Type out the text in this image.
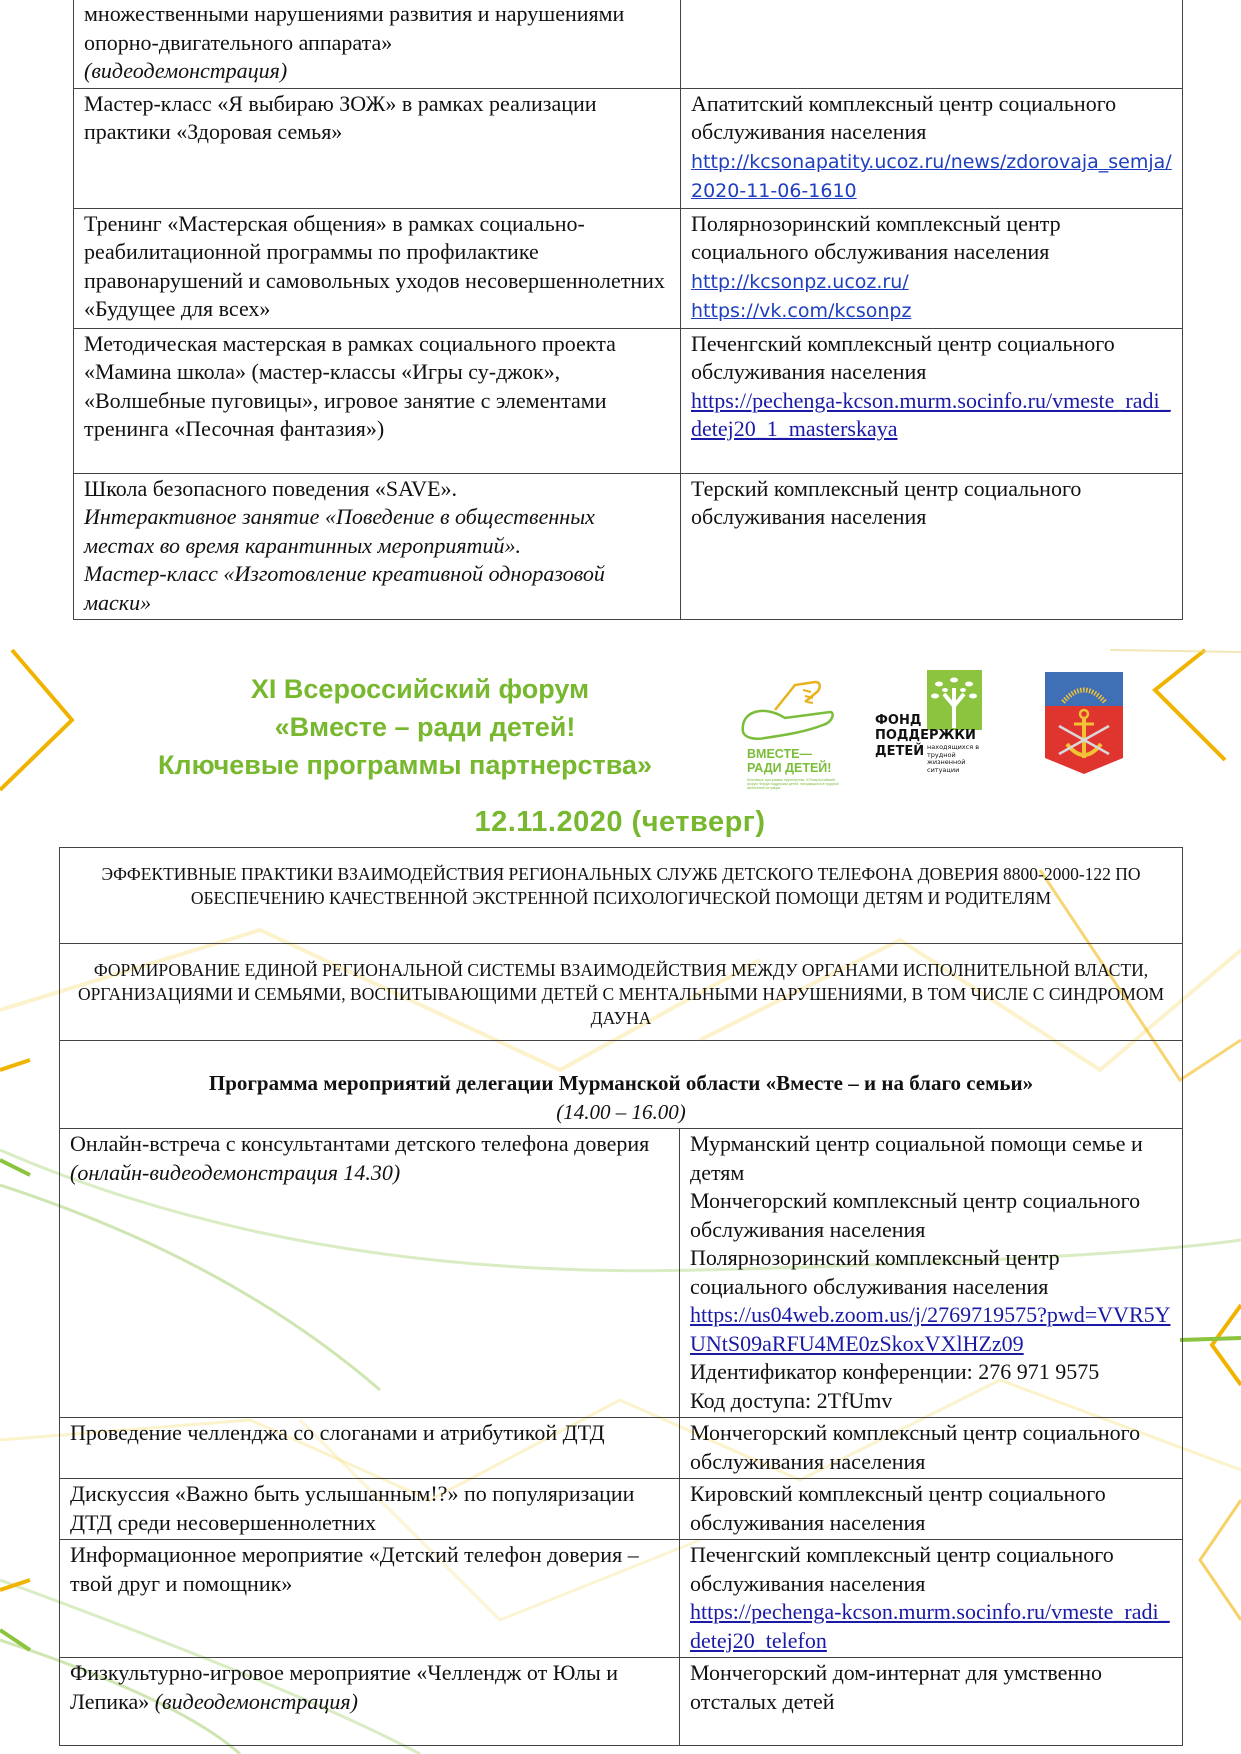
множественными нарушениями развития и нарушениями опорно-двигательного аппарата»
(видеодемонстрация)	
Мастер-класс «Я выбираю ЗОЖ» в рамках реализации практики «Здоровая семья»	Апатитский комплексный центр социального обслуживания населения
http://kcsonapatity.ucoz.ru/news/zdorovaja_semja/2020-11-06-1610
Тренинг «Мастерская общения» в рамках социально-реабилитационной программы по профилактике правонарушений и самовольных уходов несовершеннолетних «Будущее для всех»	Полярнозоринский комплексный центр социального обслуживания населения
http://kcsonpz.ucoz.ru/
https://vk.com/kcsonpz
Методическая мастерская в рамках социального проекта «Мамина школа» (мастер-классы «Игры су-джок», «Волшебные пуговицы», игровое занятие с элементами тренинга «Песочная фантазия»)	Печенгский комплексный центр социального обслуживания населения
https://pechenga-kcson.murm.socinfo.ru/vmeste_radi_detej20_1_masterskaya
Школа безопасного поведения «SAVE».
Интерактивное занятие «Поведение в общественных местах во время карантинных мероприятий».
Мастер-класс «Изготовление креативной одноразовой маски»	Терский комплексный центр социального обслуживания населения
XI Всероссийский форум
«Вместе – ради детей!
Ключевые программы партнерства»	ВМЕСТЕ—
РАДИ ДЕТЕЙ!
Ключевые программы партнерства. XI Всероссийский форум Фонда поддержки детей, находящихся в трудной жизненной ситуации
ФОНД
ПОДДЕРЖКИ
ДЕТЕЙ находящихся в трудной жизненной ситуации
12.11.2020 (четверг)
ЭФФЕКТИВНЫЕ ПРАКТИКИ ВЗАИМОДЕЙСТВИЯ РЕГИОНАЛЬНЫХ СЛУЖБ ДЕТСКОГО ТЕЛЕФОНА ДОВЕРИЯ 8800-2000-122 ПО ОБЕСПЕЧЕНИЮ КАЧЕСТВЕННОЙ ЭКСТРЕННОЙ ПСИХОЛОГИЧЕСКОЙ ПОМОЩИ ДЕТЯМ И РОДИТЕЛЯМ	
ФОРМИРОВАНИЕ ЕДИНОЙ РЕГИОНАЛЬНОЙ СИСТЕМЫ ВЗАИМОДЕЙСТВИЯ МЕЖДУ ОРГАНАМИ ИСПОЛНИТЕЛЬНОЙ ВЛАСТИ, ОРГАНИЗАЦИЯМИ И СЕМЬЯМИ, ВОСПИТЫВАЮЩИМИ ДЕТЕЙ С МЕНТАЛЬНЫМИ НАРУШЕНИЯМИ, В ТОМ ЧИСЛЕ С СИНДРОМОМ ДАУНА	
Программа мероприятий делегации Мурманской области «Вместе – и на благо семьи»
(14.00 – 16.00)	
Онлайн-встреча с консультантами детского телефона доверия (онлайн-видеодемонстрация 14.30)	Мурманский центр социальной помощи семье и детям
Мончегорский комплексный центр социального обслуживания населения
Полярнозоринский комплексный центр социального обслуживания населения
https://us04web.zoom.us/j/2769719575?pwd=VVR5YUNtS09aRFU4ME0zSkoxVXlHZz09
Идентификатор конференции: 276 971 9575
Код доступа: 2TfUmv
Проведение челленджа со слоганами и атрибутикой ДТД	Мончегорский комплексный центр социального обслуживания населения
Дискуссия «Важно быть услышанным!?» по популяризации ДТД среди несовершеннолетних	Кировский комплексный центр социального обслуживания населения
Информационное мероприятие «Детский телефон доверия – твой друг и помощник»	Печенгский комплексный центр социального обслуживания населения
https://pechenga-kcson.murm.socinfo.ru/vmeste_radi_detej20_telefon
Физкультурно-игровое мероприятие «Челлендж от Юлы и Лепика» (видеодемонстрация)	Мончегорский дом-интернат для умственно отсталых детей
